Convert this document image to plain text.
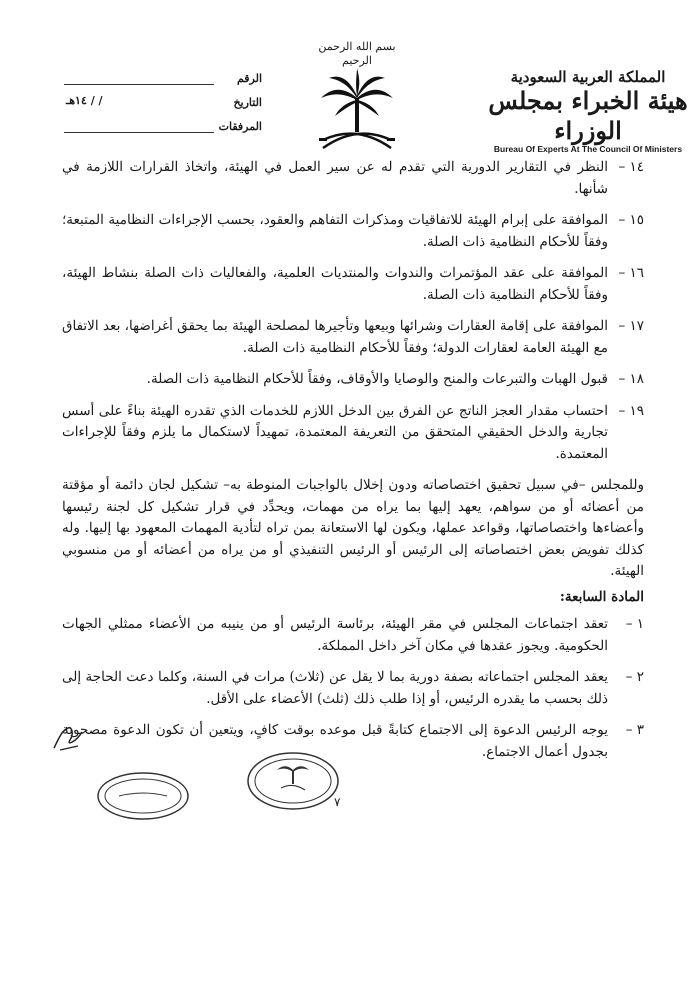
المملكة العربية السعودية
هيئة الخبراء بمجلس الوزراء
Bureau Of Experts At The Council Of Ministers
بسم الله الرحمن الرحيم
الرقم
التاريخ
/ / ١٤هـ
المرفقات
١٤ –
النظر في التقارير الدورية التي تقدم له عن سير العمل في الهيئة، واتخاذ القرارات اللازمة في شأنها.
١٥ –
الموافقة على إبرام الهيئة للاتفاقيات ومذكرات التفاهم والعقود، بحسب الإجراءات النظامية المتبعة؛ وفقاً للأحكام النظامية ذات الصلة.
١٦ –
الموافقة على عقد المؤتمرات والندوات والمنتديات العلمية، والفعاليات ذات الصلة بنشاط الهيئة، وفقاً للأحكام النظامية ذات الصلة.
١٧ –
الموافقة على إقامة العقارات وشرائها وبيعها وتأجيرها لمصلحة الهيئة بما يحقق أغراضها، بعد الاتفاق مع الهيئة العامة لعقارات الدولة؛ وفقاً للأحكام النظامية ذات الصلة.
١٨ –
قبول الهبات والتبرعات والمنح والوصايا والأوقاف، وفقاً للأحكام النظامية ذات الصلة.
١٩ –
احتساب مقدار العجز الناتج عن الفرق بين الدخل اللازم للخدمات الذي تقدره الهيئة بناءً على أسس تجارية والدخل الحقيقي المتحقق من التعريفة المعتمدة، تمهيداً لاستكمال ما يلزم وفقاً للإجراءات المعتمدة.
وللمجلس –في سبيل تحقيق اختصاصاته ودون إخلال بالواجبات المنوطة به– تشكيل لجان دائمة أو مؤقتة من أعضائه أو من سواهم، يعهد إليها بما يراه من مهمات، ويحدِّد في قرار تشكيل كل لجنة رئيسها وأعضاءها واختصاصاتها، وقواعد عملها، ويكون لها الاستعانة بمن تراه لتأدية المهمات المعهود بها إليها. وله كذلك تفويض بعض اختصاصاته إلى الرئيس أو الرئيس التنفيذي أو من يراه من أعضائه أو من منسوبي الهيئة.
المادة السابعة:
١ –
تعقد اجتماعات المجلس في مقر الهيئة، برئاسة الرئيس أو من ينيبه من الأعضاء ممثلي الجهات الحكومية. ويجوز عقدها في مكان آخر داخل المملكة.
٢ –
يعقد المجلس اجتماعاته بصفة دورية بما لا يقل عن (ثلاث) مرات في السنة، وكلما دعت الحاجة إلى ذلك بحسب ما يقدره الرئيس، أو إذا طلب ذلك (ثلث) الأعضاء على الأقل.
٣ –
يوجه الرئيس الدعوة إلى الاجتماع كتابةً قبل موعده بوقت كافٍ، ويتعين أن تكون الدعوة مصحوبة بجدول أعمال الاجتماع.
٧
